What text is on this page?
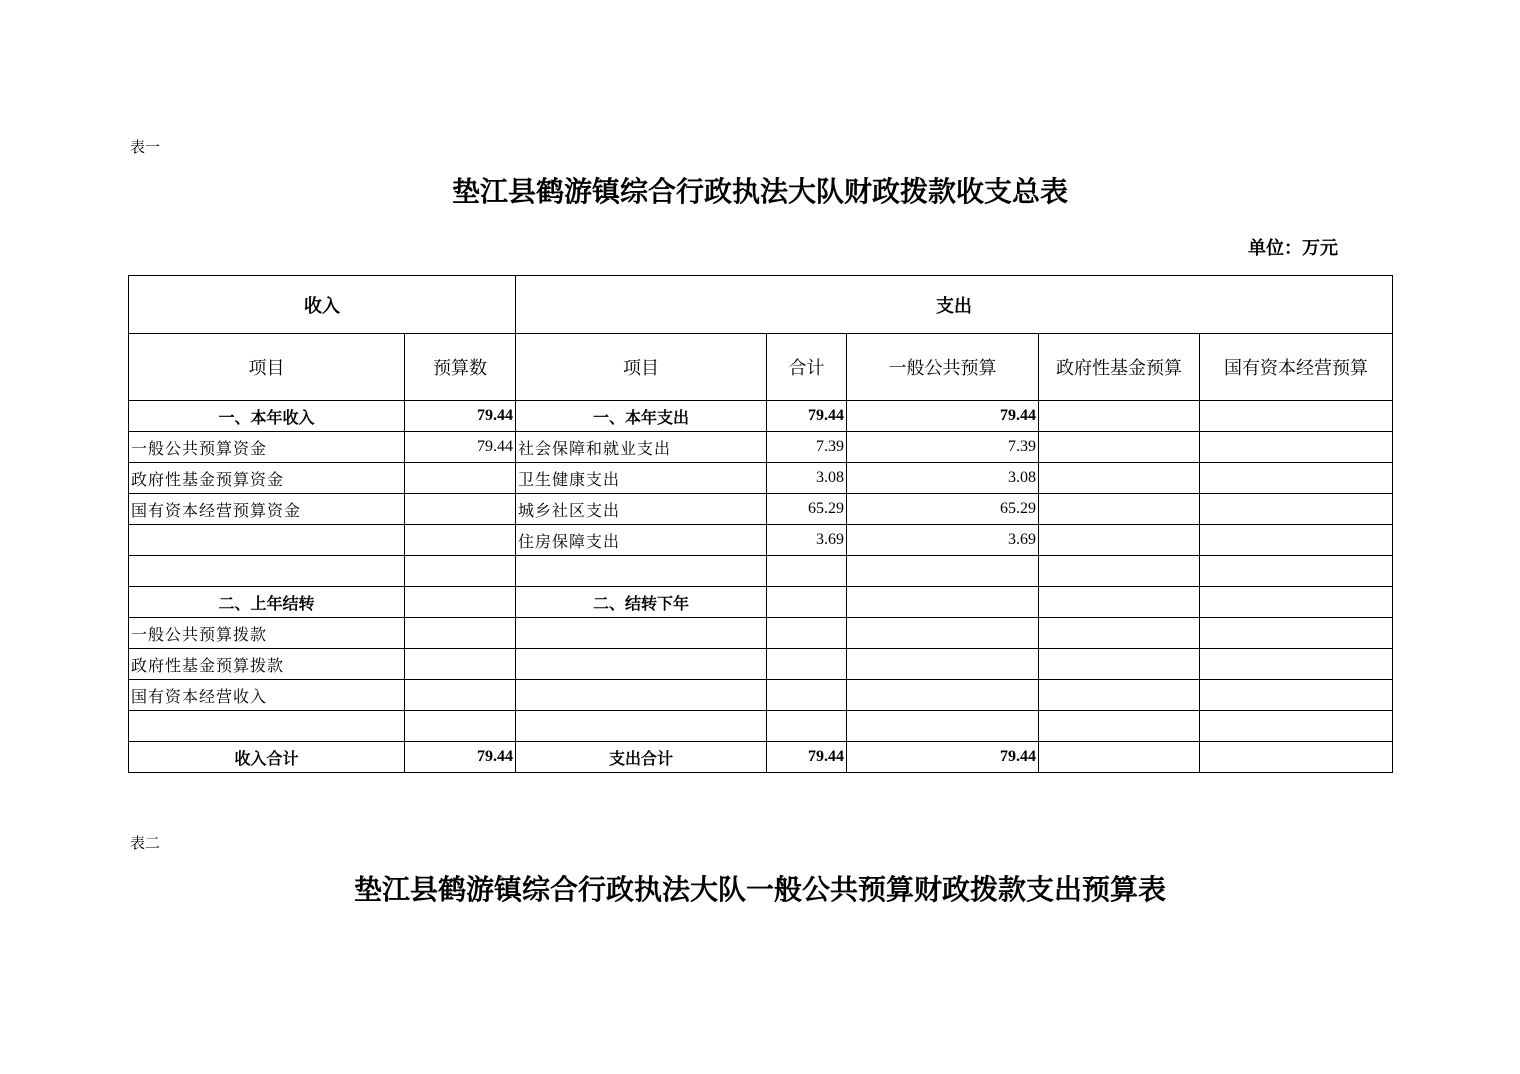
表一
垫江县鹤游镇综合行政执法大队财政拨款收支总表
单位：万元
收入		支出				
项目	预算数	项目	合计	一般公共预算	政府性基金预算	国有资本经营预算
一、本年收入	79.44	一、本年支出	79.44	79.44		
一般公共预算资金	79.44	社会保障和就业支出	7.39	7.39		
政府性基金预算资金		卫生健康支出	3.08	3.08		
国有资本经营预算资金		城乡社区支出	65.29	65.29		
		住房保障支出	3.69	3.69		

二、上年结转		二、结转下年				
一般公共预算拨款						
政府性基金预算拨款						
国有资本经营收入						

收入合计	79.44	支出合计	79.44	79.44		
表二
垫江县鹤游镇综合行政执法大队一般公共预算财政拨款支出预算表
